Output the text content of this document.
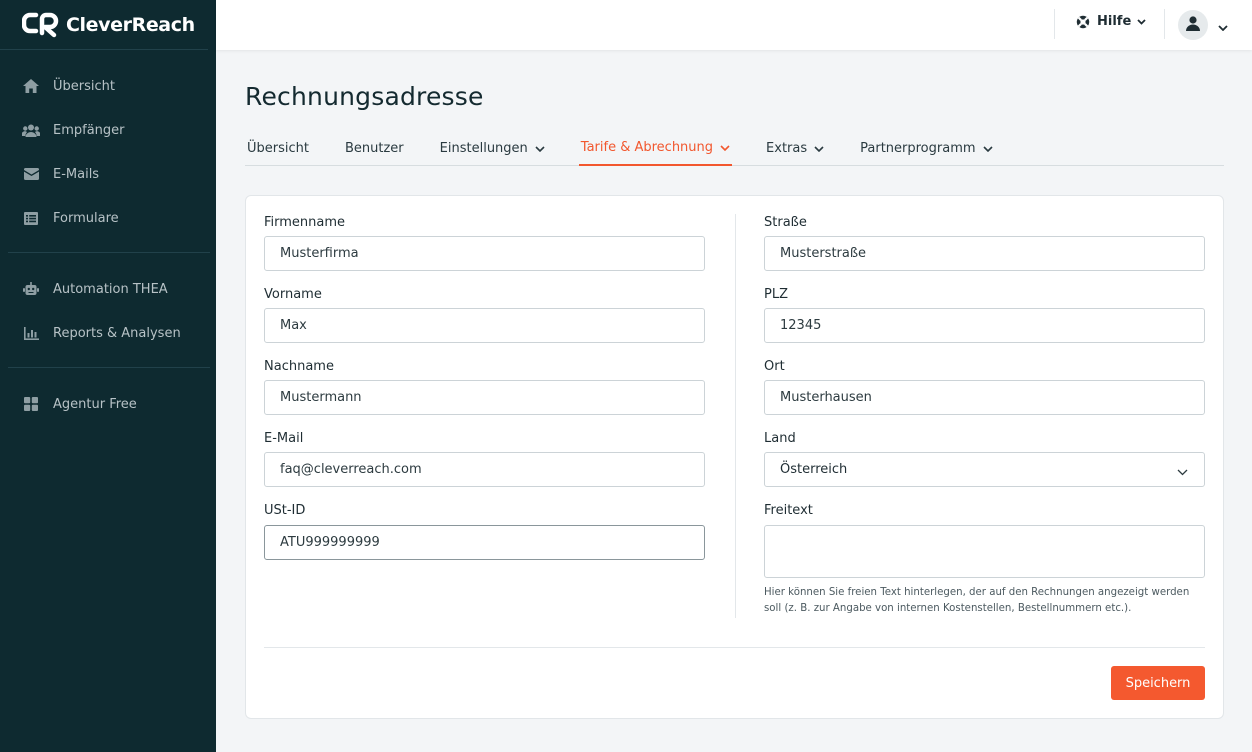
CleverReach
Übersicht
Empfänger
E-Mails
Formulare
Automation THEA
Reports & Analysen
Agentur Free
Hilfe
Rechnungsadresse
Übersicht	Benutzer	Einstellungen	Tarife & Abrechnung	Extras	Partnerprogramm
Firmenname
Musterfirma
Vorname
Max
Nachname
Mustermann
E-Mail
faq@cleverreach.com
USt-ID
ATU999999999
Straße
Musterstraße
PLZ
12345
Ort
Musterhausen
Land
Österreich
Freitext
Hier können Sie freien Text hinterlegen, der auf den Rechnungen angezeigt werden soll (z. B. zur Angabe von internen Kostenstellen, Bestellnummern etc.).
Speichern
